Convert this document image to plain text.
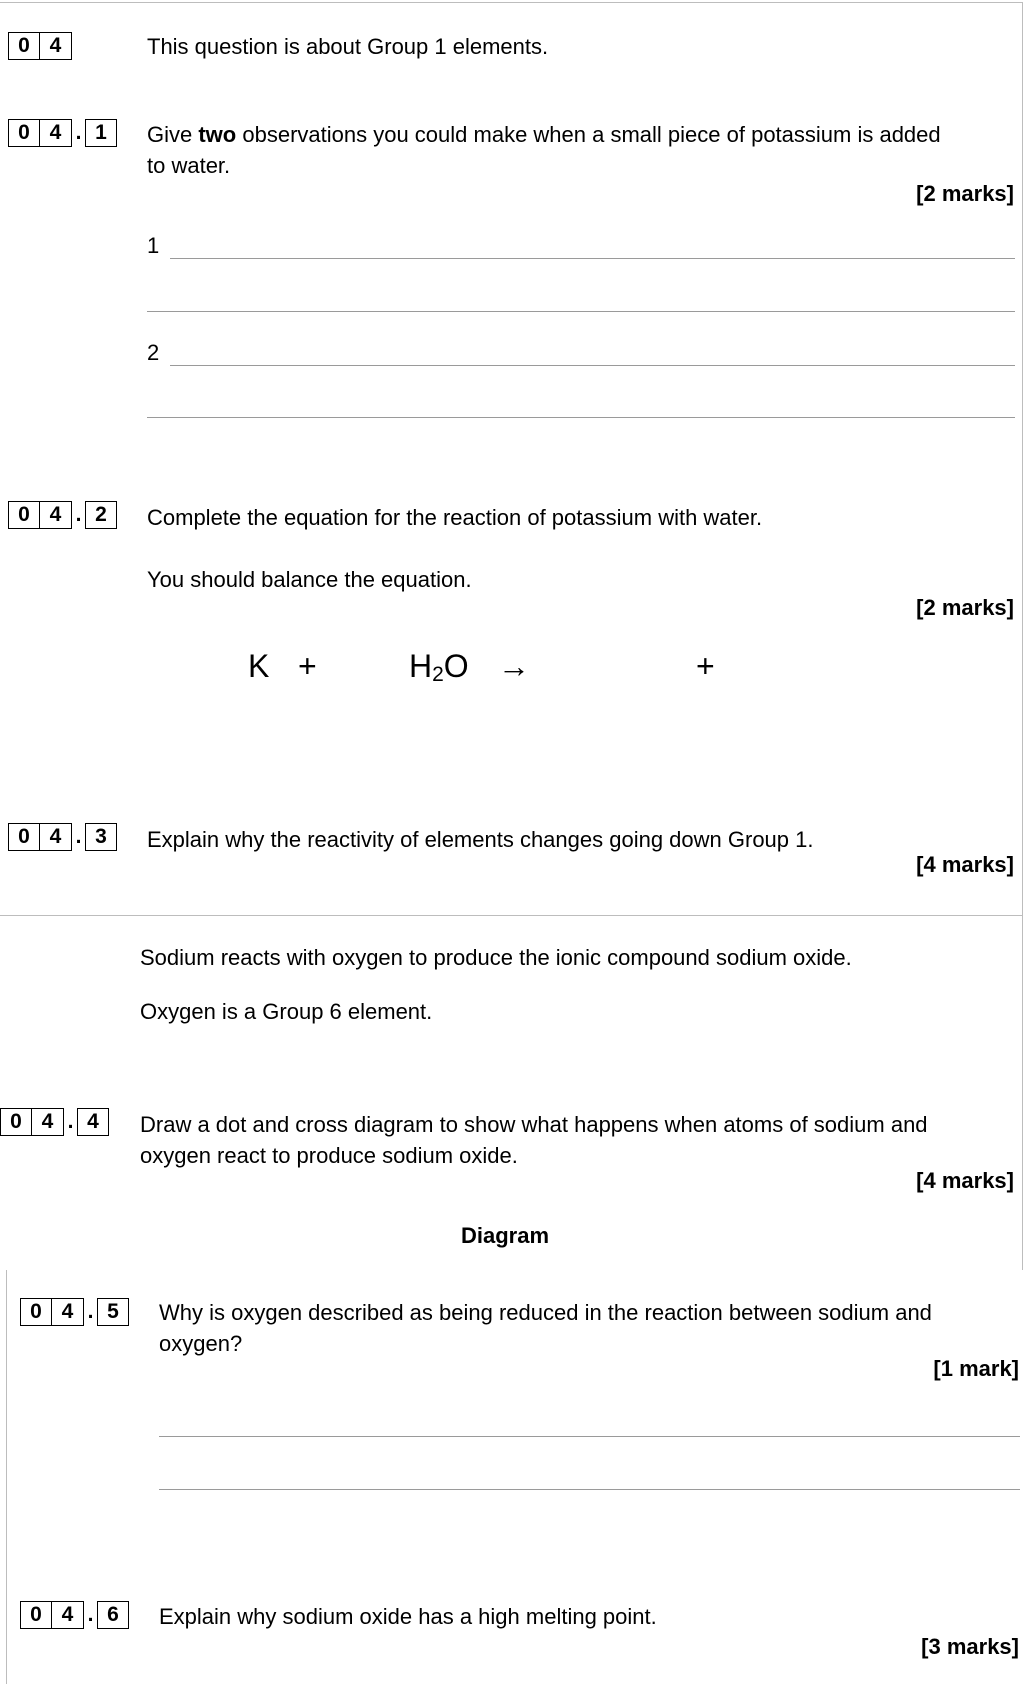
0 4	This question is about Group 1 elements.
0 4 . 1	Give two observations you could make when a small piece of potassium is added
to water.
[2 marks]
1
2
0 4 . 2	Complete the equation for the reaction of potassium with water.
You should balance the equation.
[2 marks]
K +	$H_2O$ →	+
0 4 . 3	Explain why the reactivity of elements changes going down Group 1.
[4 marks]
Sodium reacts with oxygen to produce the ionic compound sodium oxide.
Oxygen is a Group 6 element.
0 4 . 4	Draw a dot and cross diagram to show what happens when atoms of sodium and
oxygen react to produce sodium oxide.
[4 marks]
Diagram
0 4 . 5	Why is oxygen described as being reduced in the reaction between sodium and
oxygen?
[1 mark]
0 4 . 6	Explain why sodium oxide has a high melting point.
[3 marks]
